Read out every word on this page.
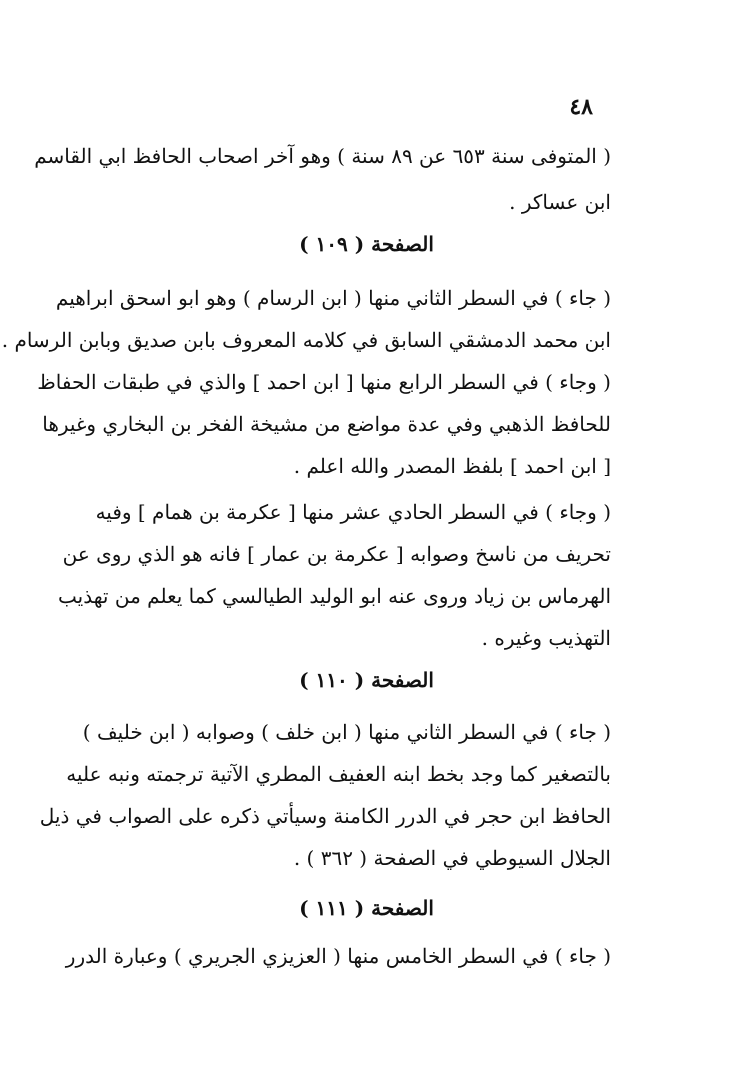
٤٨
( المتوفى سنة ٦٥٣ عن ٨٩ سنة ) وهو آخر اصحاب الحافظ ابي القاسم
ابن عساكر .
الصفحة ( ١٠٩ )
( جاء ) في السطر الثاني منها ( ابن الرسام ) وهو ابو اسحق ابراهيم
ابن محمد الدمشقي السابق في كلامه المعروف بابن صديق وبابن الرسام .
( وجاء ) في السطر الرابع منها [ ابن احمد ] والذي في طبقات الحفاظ
للحافظ الذهبي وفي عدة مواضع من مشيخة الفخر بن البخاري وغيرها
[ ابن احمد ] بلفظ المصدر والله اعلم .
( وجاء ) في السطر الحادي عشر منها [ عكرمة بن همام ] وفيه
تحريف من ناسخ وصوابه [ عكرمة بن عمار ] فانه هو الذي روى عن
الهرماس بن زياد وروى عنه ابو الوليد الطيالسي كما يعلم من تهذيب
التهذيب وغيره .
الصفحة ( ١١٠ )
( جاء ) في السطر الثاني منها ( ابن خلف ) وصوابه ( ابن خليف )
بالتصغير كما وجد بخط ابنه العفيف المطري الآتية ترجمته ونبه عليه
الحافظ ابن حجر في الدرر الكامنة وسيأتي ذكره على الصواب في ذيل
الجلال السيوطي في الصفحة ( ٣٦٢ ) .
الصفحة ( ١١١ )
( جاء ) في السطر الخامس منها ( العزيزي الجريري ) وعبارة الدرر
